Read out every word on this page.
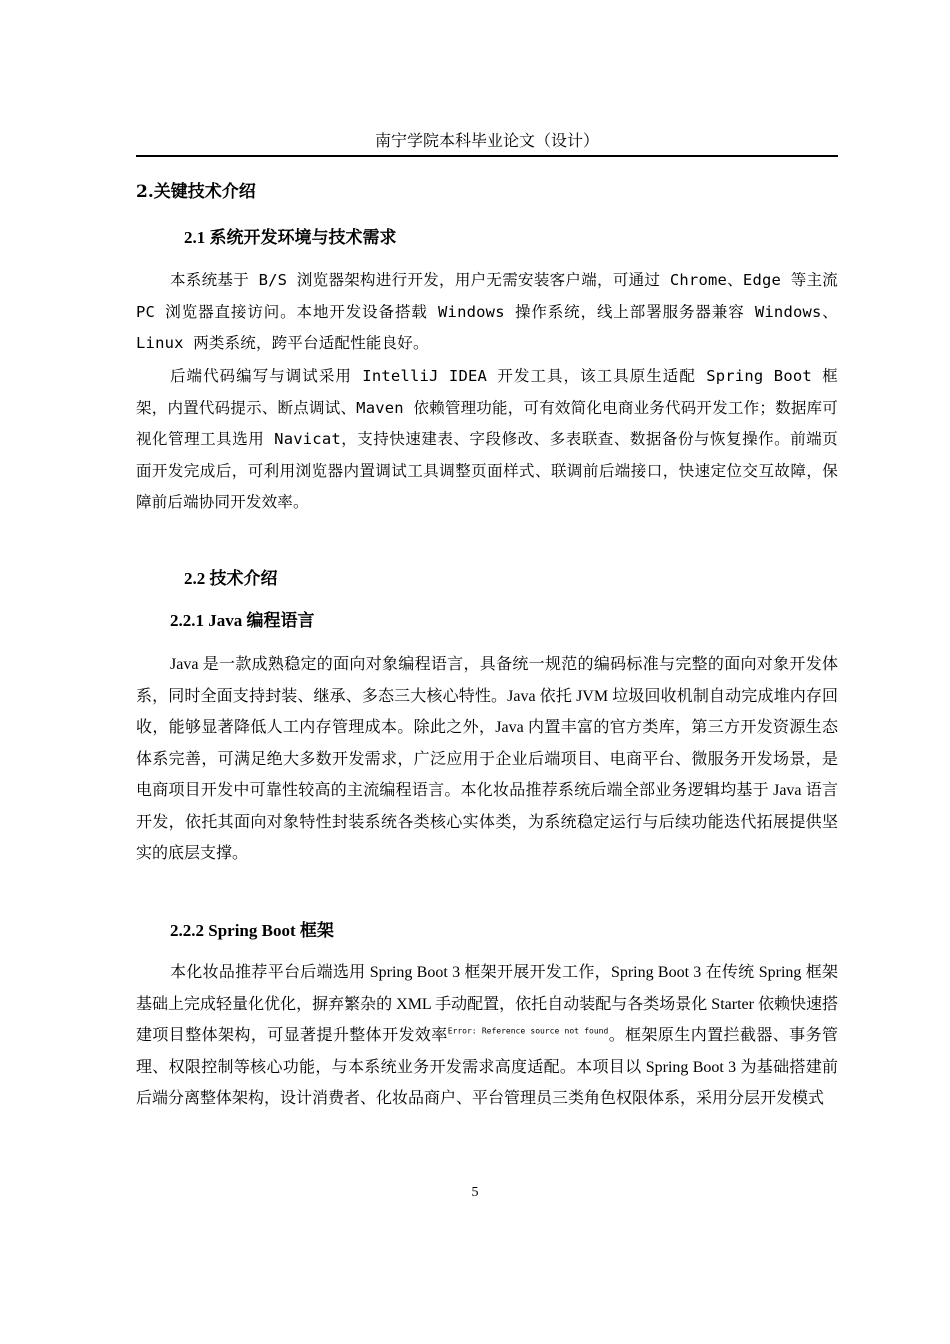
南宁学院本科毕业论文（设计）
2.关键技术介绍
2.1 系统开发环境与技术需求

本系统基于 B/S 浏览器架构进行开发，用户无需安装客户端，可通过 Chrome、Edge 等主流 PC 浏览器直接访问。本地开发设备搭载 Windows 操作系统，线上部署服务器兼容 Windows、Linux 两类系统，跨平台适配性能良好。

后端代码编写与调试采用 IntelliJ IDEA 开发工具，该工具原生适配 Spring Boot 框架，内置代码提示、断点调试、Maven 依赖管理功能，可有效简化电商业务代码开发工作；数据库可视化管理工具选用 Navicat，支持快速建表、字段修改、多表联查、数据备份与恢复操作。前端页面开发完成后，可利用浏览器内置调试工具调整页面样式、联调前后端接口，快速定位交互故障，保障前后端协同开发效率。

2.2 技术介绍
2.2.1 Java 编程语言

Java 是一款成熟稳定的面向对象编程语言，具备统一规范的编码标准与完整的面向对象开发体系，同时全面支持封装、继承、多态三大核心特性。Java 依托 JVM 垃圾回收机制自动完成堆内存回收，能够显著降低人工内存管理成本。除此之外，Java 内置丰富的官方类库，第三方开发资源生态体系完善，可满足绝大多数开发需求，广泛应用于企业后端项目、电商平台、微服务开发场景，是电商项目开发中可靠性较高的主流编程语言。本化妆品推荐系统后端全部业务逻辑均基于 Java 语言开发，依托其面向对象特性封装系统各类核心实体类，为系统稳定运行与后续功能迭代拓展提供坚实的底层支撑。

2.2.2 Spring Boot 框架

本化妆品推荐平台后端选用 Spring Boot 3 框架开展开发工作，Spring Boot 3 在传统 Spring 框架基础上完成轻量化优化，摒弃繁杂的 XML 手动配置，依托自动装配与各类场景化 Starter 依赖快速搭建项目整体架构，可显著提升整体开发效率$^{Error: Reference source not found}$。框架原生内置拦截器、事务管理、权限控制等核心功能，与本系统业务开发需求高度适配。本项目以 Spring Boot 3 为基础搭建前后端分离整体架构，设计消费者、化妆品商户、平台管理员三类角色权限体系，采用分层开发模式

5
